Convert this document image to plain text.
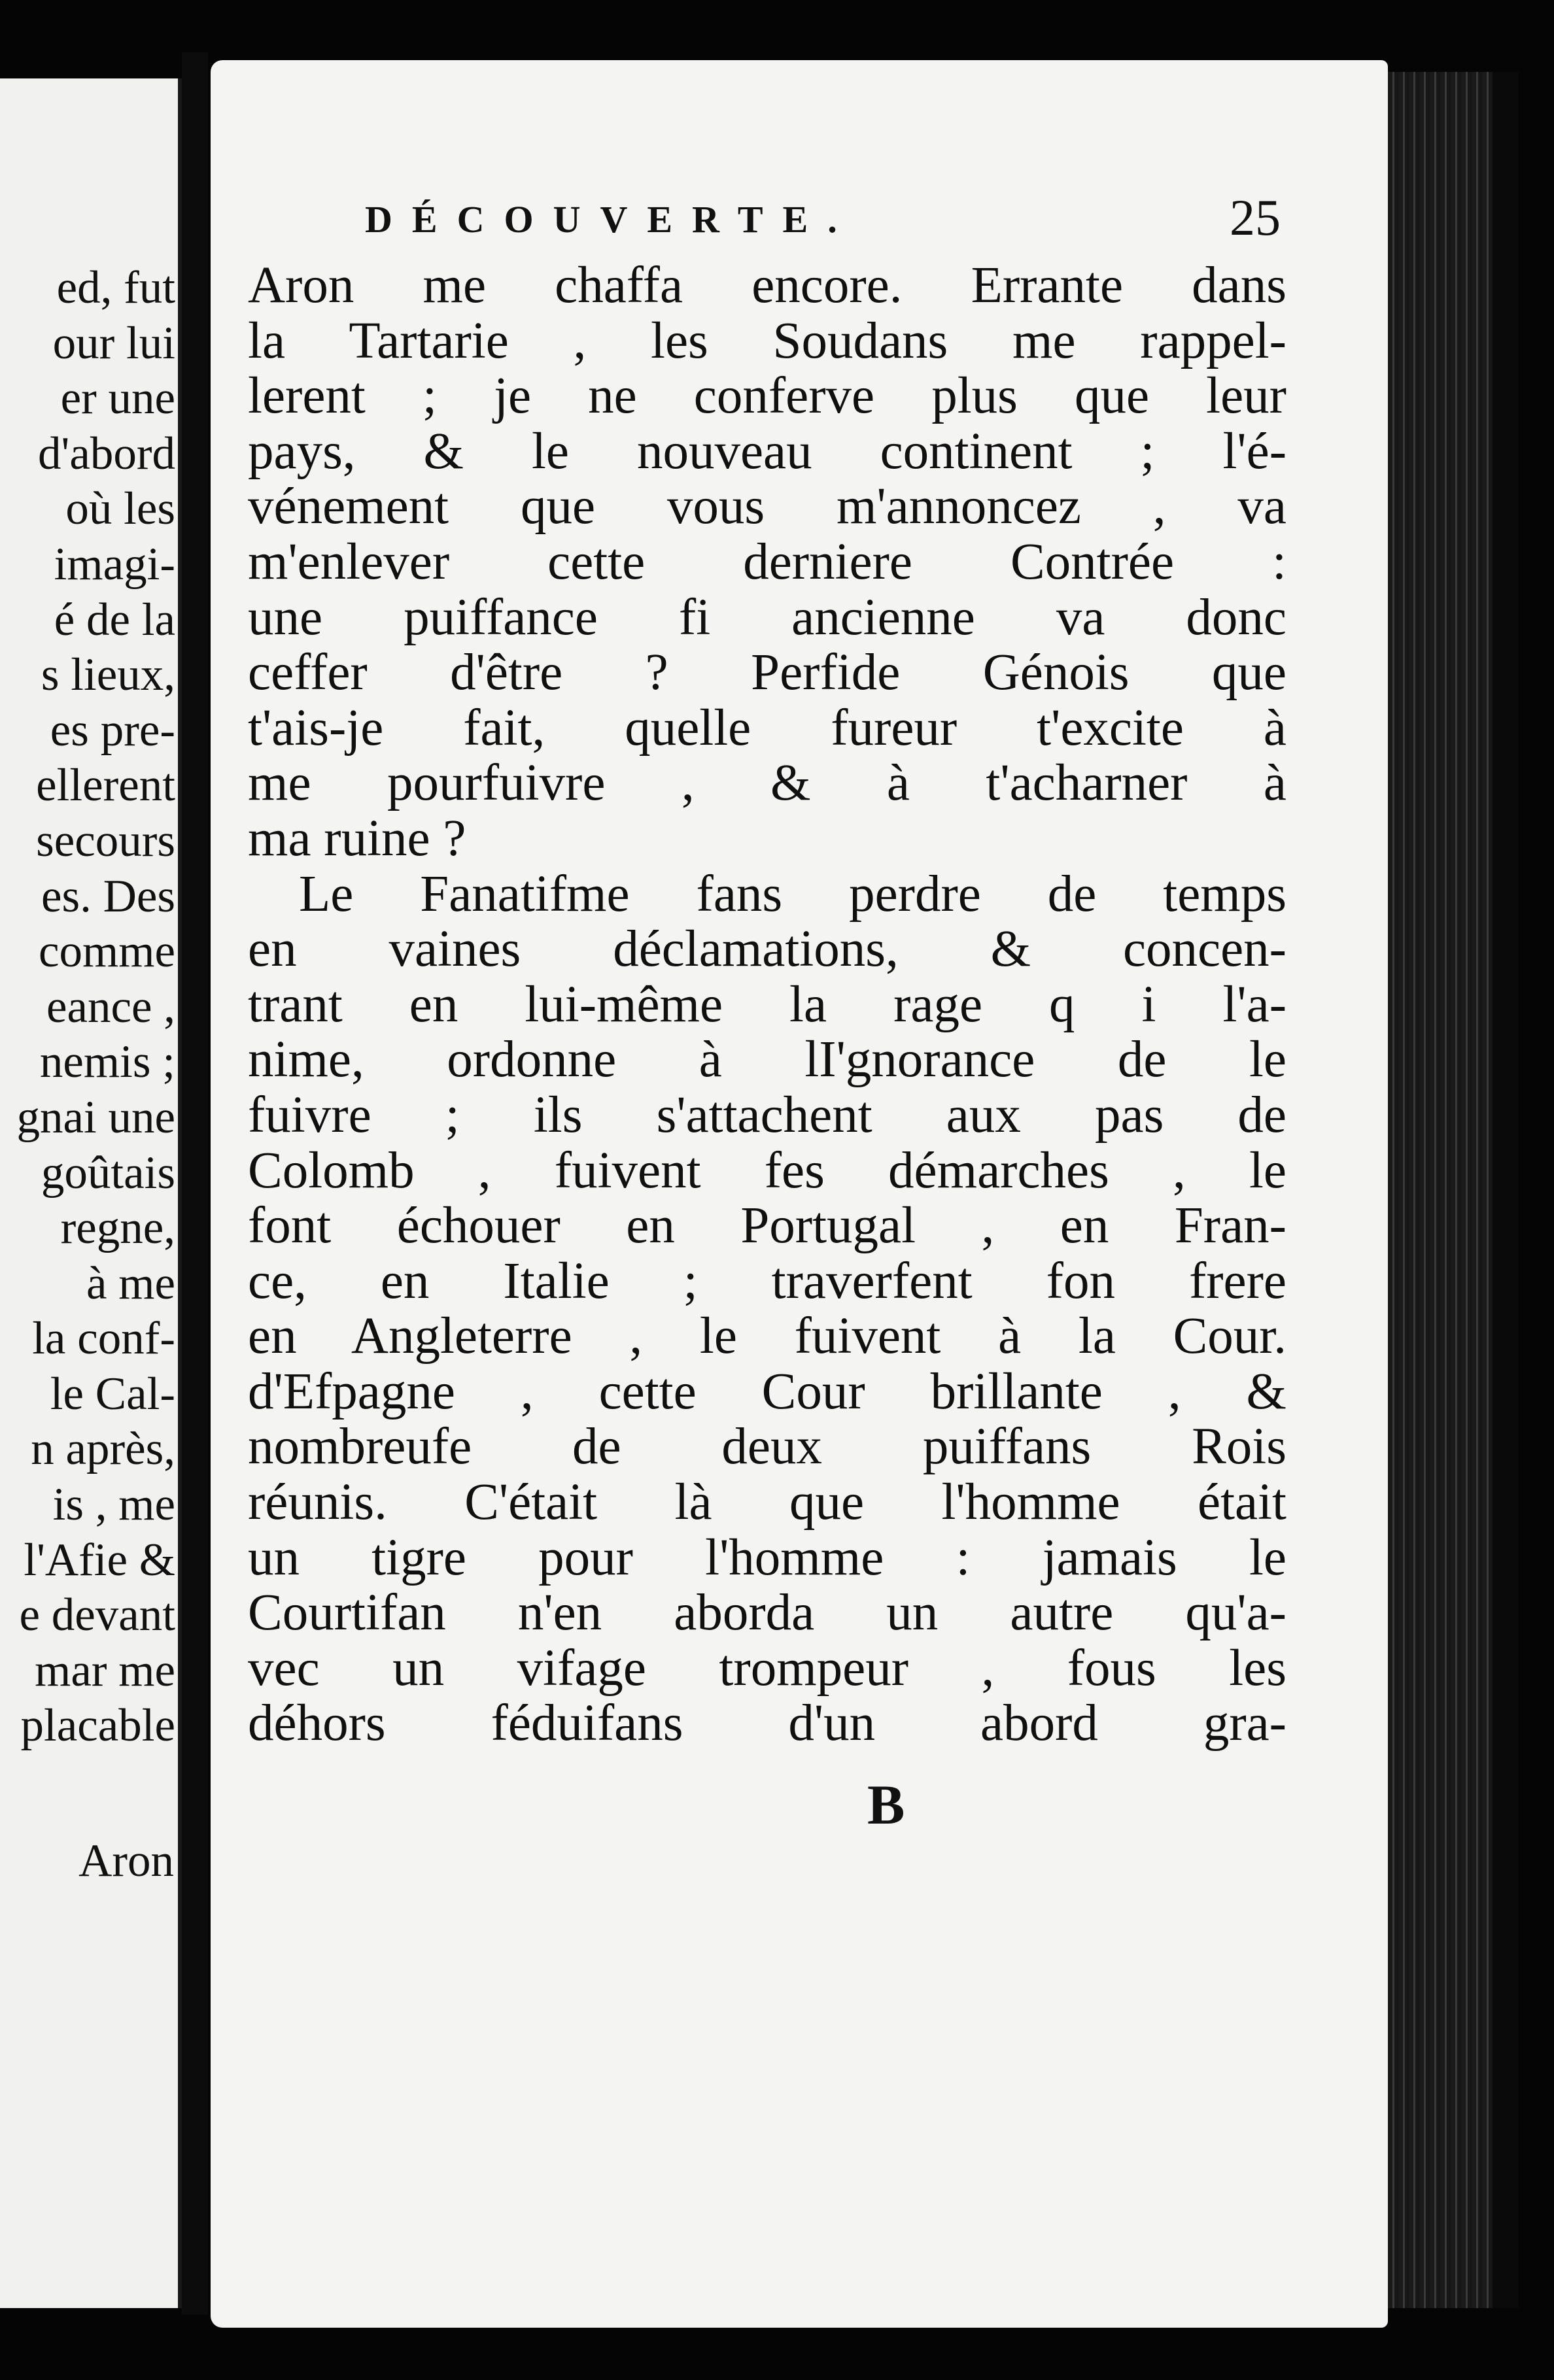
ed, fut
our lui
er une
d'abord
où les
imagi-
é de la
s lieux,
es pre-
ellerent
secours
es. Des
comme
eance ,
nemis ;
gnai une
goûtais
regne,
à me
la conf-
le Cal-
n après,
is , me
l'Afie &
e devant
mar me
placable
Aron
DÉCOUVERTE.	25
Aron me chaffa encore. Errante dans
la Tartarie , les Soudans me rappel-
lerent ; je ne conferve plus que leur
pays, & le nouveau continent ; l'é-
vénement que vous m'annoncez , va
m'enlever cette derniere Contrée :
une puiffance fi ancienne va donc
ceffer d'être ? Perfide Génois que
t'ais-je fait, quelle fureur t'excite à
me pourfuivre , & à t'acharner à
ma ruine ?
Le Fanatifme fans perdre de temps
en vaines déclamations, & concen-
trant en lui-même la rage q i l'a-
nime, ordonne à lI'gnorance de le
fuivre ; ils s'attachent aux pas de
Colomb , fuivent fes démarches , le
font échouer en Portugal , en Fran-
ce, en Italie ; traverfent fon frere
en Angleterre , le fuivent à la Cour.
d'Efpagne , cette Cour brillante , &
nombreufe de deux puiffans Rois
réunis. C'était là que l'homme était
un tigre pour l'homme : jamais le
Courtifan n'en aborda un autre qu'a-
vec un vifage trompeur , fous les
déhors féduifans d'un abord gra-
B
